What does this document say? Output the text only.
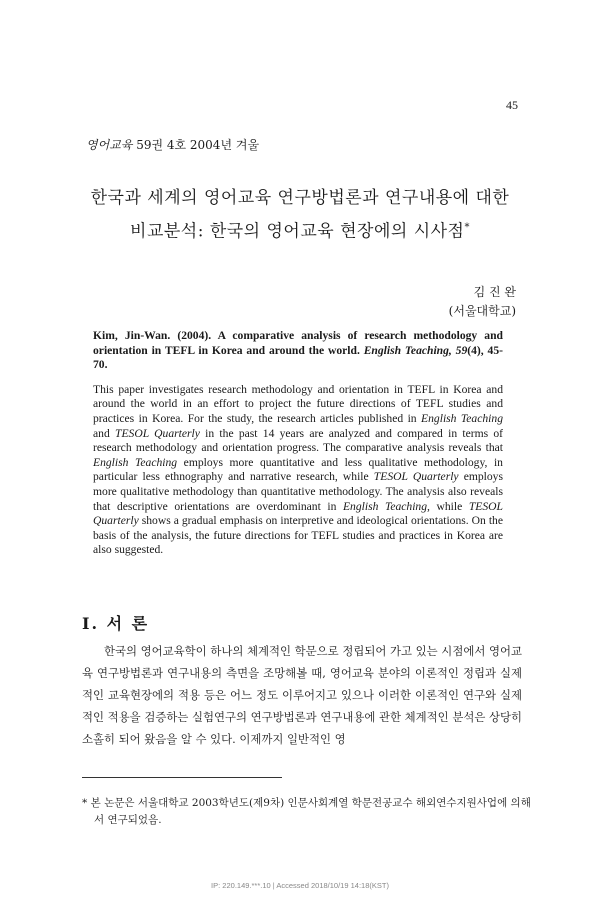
45
영어교육 59권 4호 2004년 겨울
한국과 세계의 영어교육 연구방법론과 연구내용에 대한
비교분석: 한국의 영어교육 현장에의 시사점*
김 진 완
(서울대학교)
Kim, Jin-Wan. (2004). A comparative analysis of research methodology and orientation in TEFL in Korea and around the world. English Teaching, 59(4), 45-70.
This paper investigates research methodology and orientation in TEFL in Korea and around the world in an effort to project the future directions of TEFL studies and practices in Korea. For the study, the research articles published in English Teaching and TESOL Quarterly in the past 14 years are analyzed and compared in terms of research methodology and orientation progress. The comparative analysis reveals that English Teaching employs more quantitative and less qualitative methodology, in particular less ethnography and narrative research, while TESOL Quarterly employs more qualitative methodology than quantitative methodology. The analysis also reveals that descriptive orientations are overdominant in English Teaching, while TESOL Quarterly shows a gradual emphasis on interpretive and ideological orientations. On the basis of the analysis, the future directions for TEFL studies and practices in Korea are also suggested.
I. 서 론
한국의 영어교육학이 하나의 체계적인 학문으로 정립되어 가고 있는 시점에서 영어교육 연구방법론과 연구내용의 측면을 조망해볼 때, 영어교육 분야의 이론적인 정립과 실제적인 교육현장에의 적용 등은 어느 정도 이루어지고 있으나 이러한 이론적인 연구와 실제적인 적용을 검증하는 실험연구의 연구방법론과 연구내용에 관한 체계적인 분석은 상당히 소홀히 되어 왔음을 알 수 있다. 이제까지 일반적인 영
* 본 논문은 서울대학교 2003학년도(제9차) 인문사회계열 학문전공교수 해외연수지원사업에 의해서 연구되었음.
IP: 220.149.***.10 | Accessed 2018/10/19 14:18(KST)
